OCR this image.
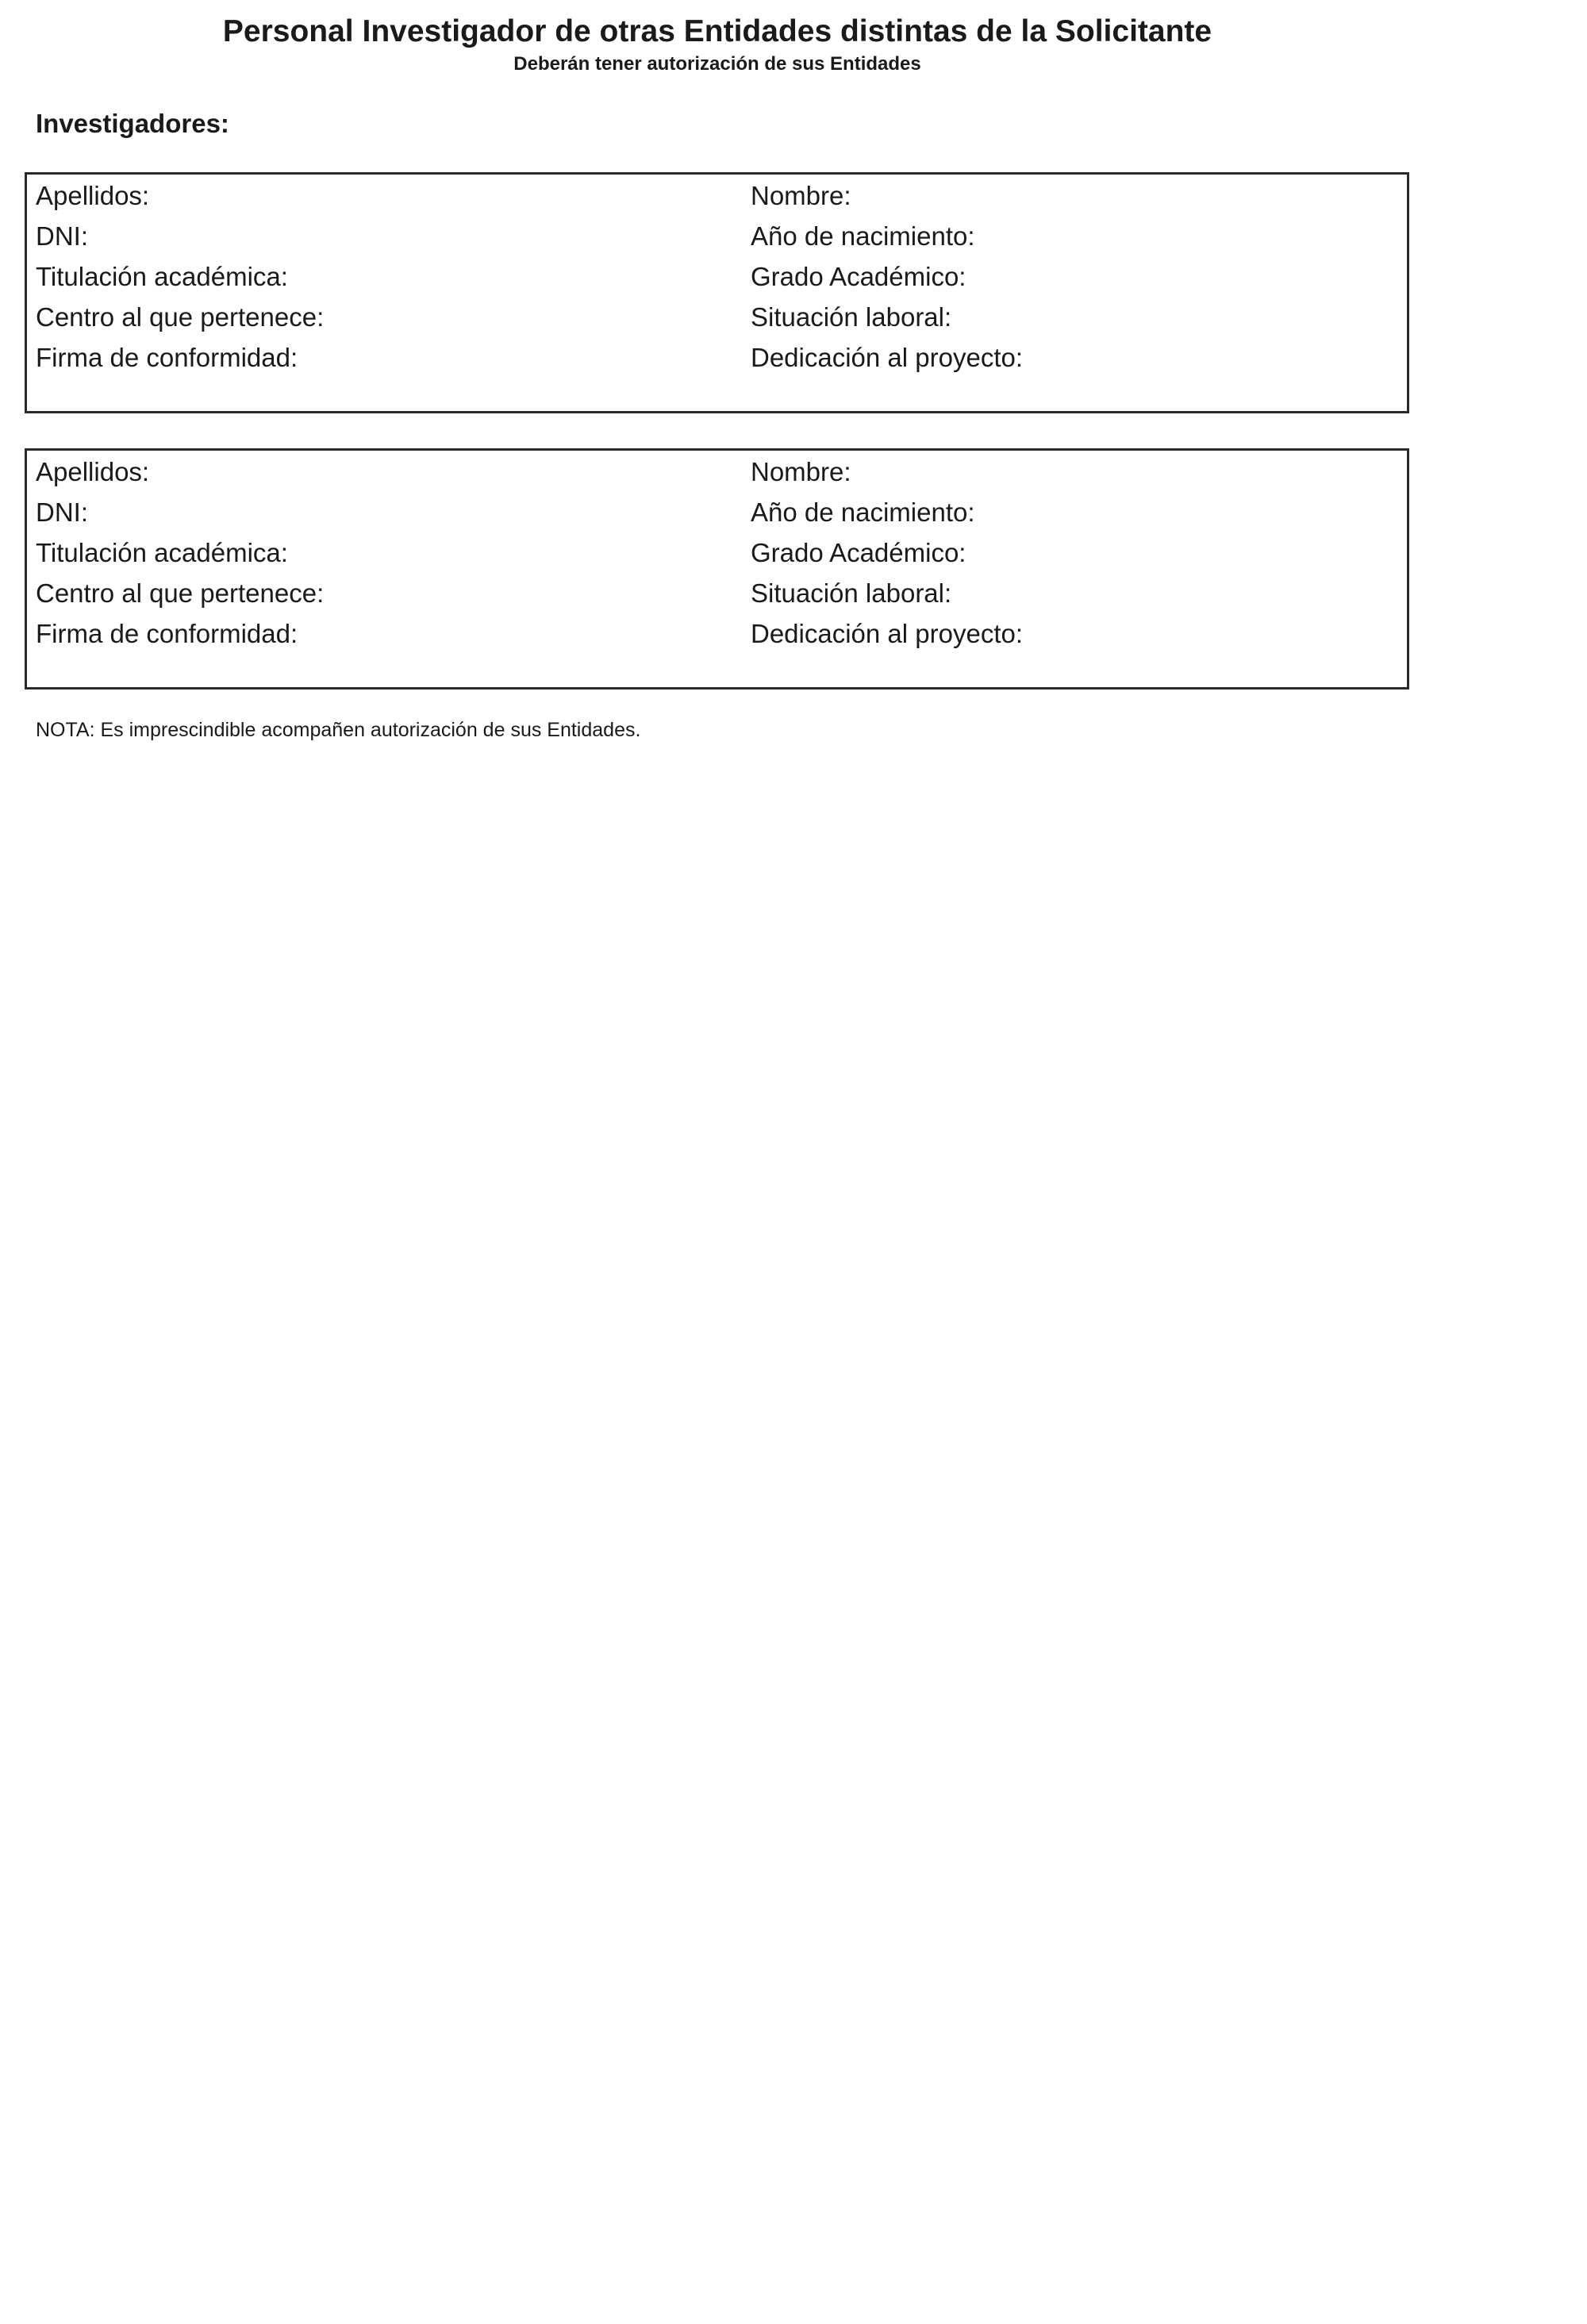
Personal Investigador de otras Entidades distintas de la Solicitante
Deberán tener autorización de sus Entidades
Investigadores:
Apellidos:
DNI:
Titulación académica:
Centro al que pertenece:
Firma de conformidad:
Nombre:
Año de nacimiento:
Grado Académico:
Situación laboral:
Dedicación al proyecto:
Apellidos:
DNI:
Titulación académica:
Centro al que pertenece:
Firma de conformidad:
Nombre:
Año de nacimiento:
Grado Académico:
Situación laboral:
Dedicación al proyecto:
NOTA: Es imprescindible acompañen autorización de sus Entidades.
